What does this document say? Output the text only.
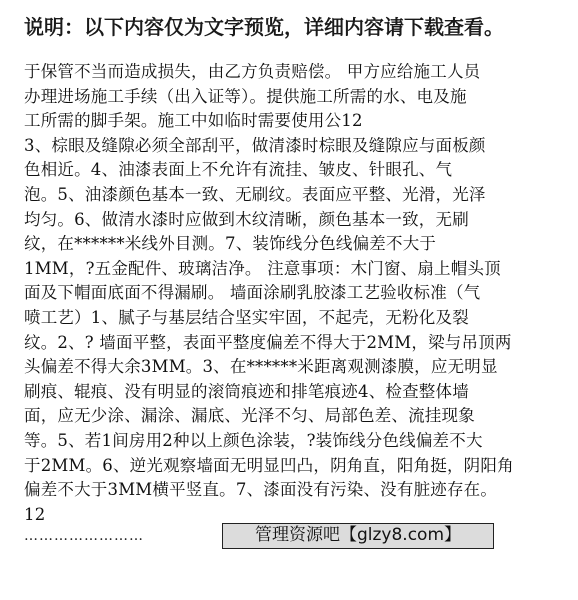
说明：以下内容仅为文字预览，详细内容请下载查看。

于保管不当而造成损失，由乙方负责赔偿。 甲方应给施工人员

办理进场施工手续（出入证等）。提供施工所需的水、电及施

工所需的脚手架。施工中如临时需要使用公12

3、棕眼及缝隙必须全部刮平，做清漆时棕眼及缝隙应与面板颜

色相近。4、油漆表面上不允许有流挂、皱皮、针眼孔、气

泡。5、油漆颜色基本一致、无刷纹。表面应平整、光滑，光泽

均匀。6、做清水漆时应做到木纹清晰，颜色基本一致，无刷

纹，在******米线外目测。7、装饰线分色线偏差不大于

1MM，?五金配件、玻璃洁净。 注意事项：木门窗、扇上帽头顶

面及下帽面底面不得漏刷。 墙面涂刷乳胶漆工艺验收标准（气

喷工艺）1、腻子与基层结合坚实牢固，不起壳，无粉化及裂

纹。2、? 墙面平整，表面平整度偏差不得大于2MM，梁与吊顶两

头偏差不得大余3MM。3、在******米距离观测漆膜，应无明显

刷痕、辊痕、没有明显的滚筒痕迹和排笔痕迹4、检查整体墙

面，应无少涂、漏涂、漏底、光泽不匀、局部色差、流挂现象

等。5、若1间房用2种以上颜色涂装，?装饰线分色线偏差不大

于2MM。6、逆光观察墙面无明显凹凸，阴角直，阳角挺，阴阳角

偏差不大于3MM横平竖直。7、漆面没有污染、没有脏迹存在。

12

……………………	管理资源吧【glzy8.com】
